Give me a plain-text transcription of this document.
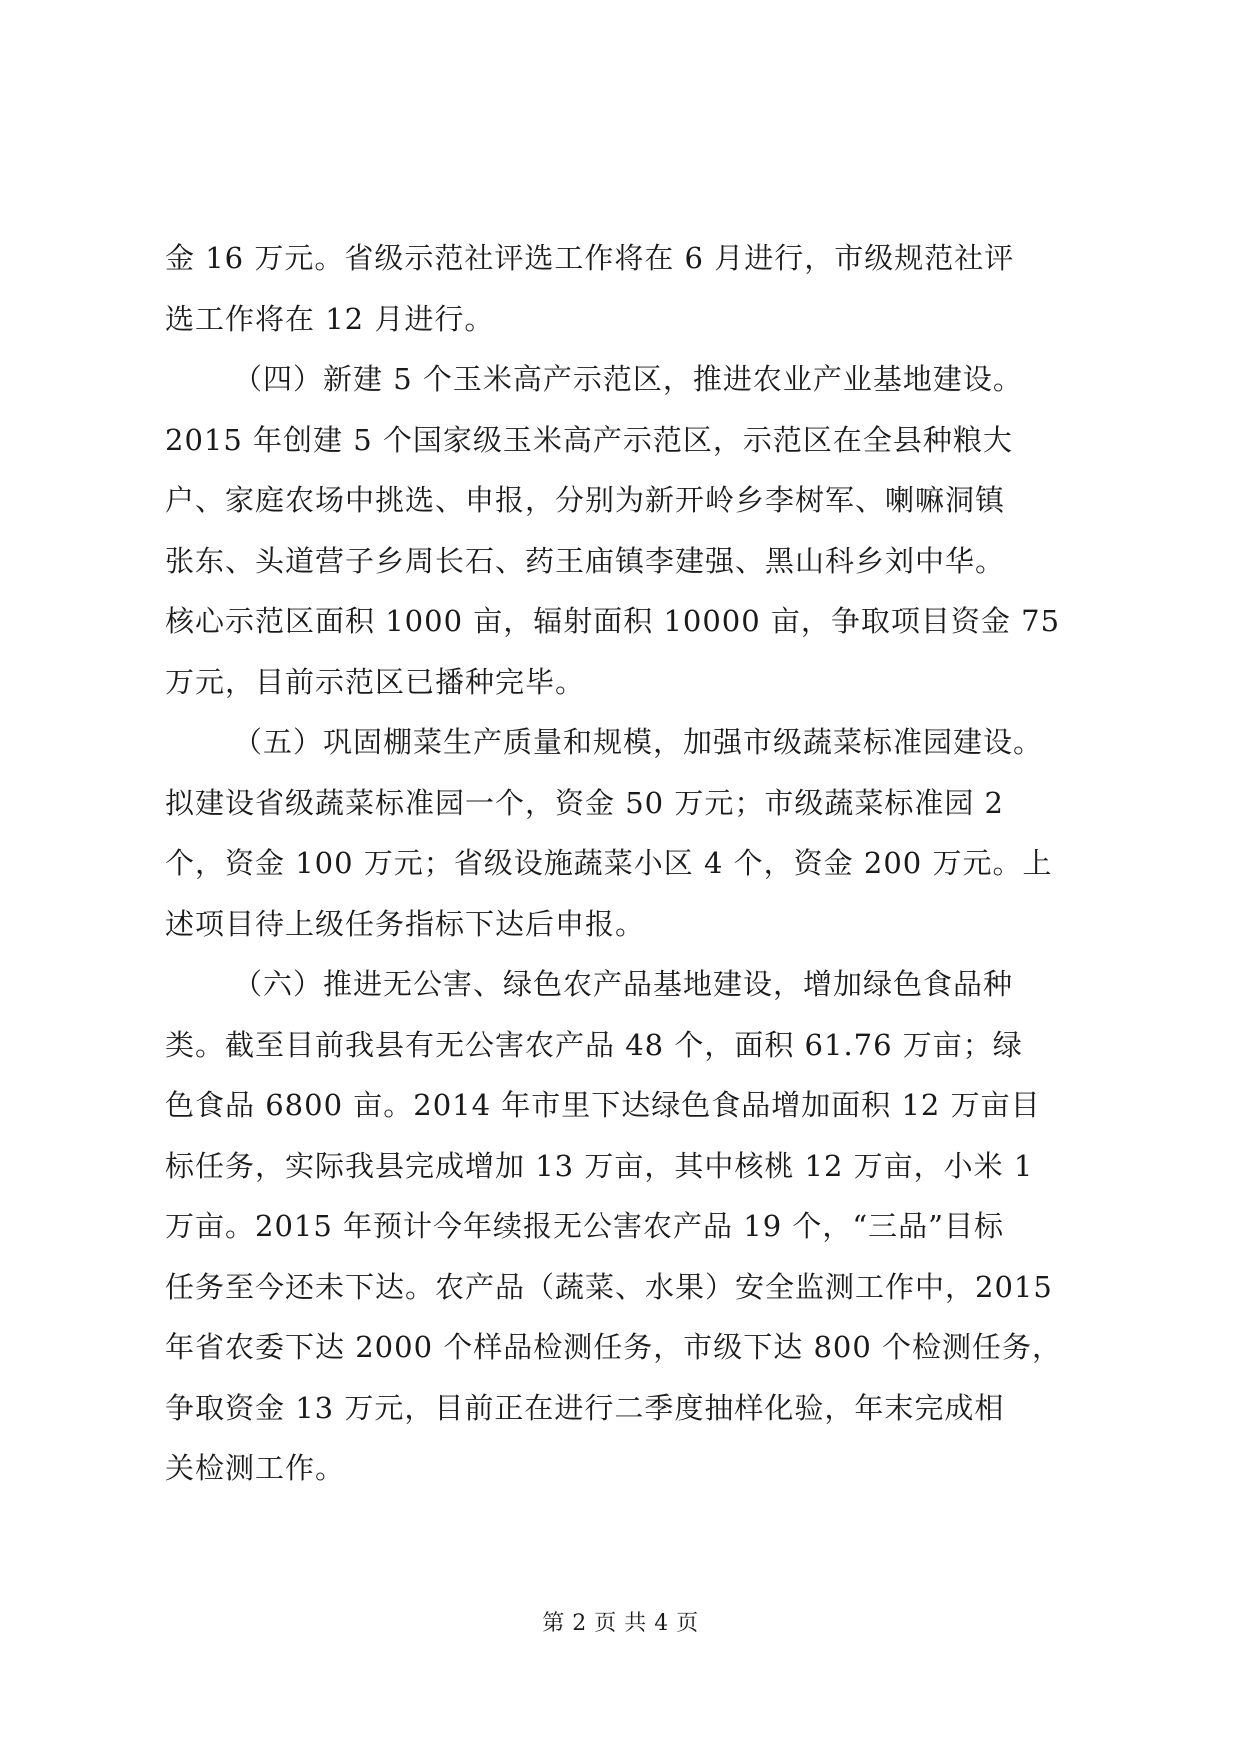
金 16 万元。省级示范社评选工作将在 6 月进行，市级规范社评
选工作将在 12 月进行。
（四）新建 5 个玉米高产示范区，推进农业产业基地建设。
2015 年创建 5 个国家级玉米高产示范区，示范区在全县种粮大
户、家庭农场中挑选、申报，分别为新开岭乡李树军、喇嘛洞镇
张东、头道营子乡周长石、药王庙镇李建强、黑山科乡刘中华。
核心示范区面积 1000 亩，辐射面积 10000 亩，争取项目资金 75
万元，目前示范区已播种完毕。
（五）巩固棚菜生产质量和规模，加强市级蔬菜标准园建设。
拟建设省级蔬菜标准园一个，资金 50 万元；市级蔬菜标准园 2
个，资金 100 万元；省级设施蔬菜小区 4 个，资金 200 万元。上
述项目待上级任务指标下达后申报。
（六）推进无公害、绿色农产品基地建设，增加绿色食品种
类。截至目前我县有无公害农产品 48 个，面积 61.76 万亩；绿
色食品 6800 亩。2014 年市里下达绿色食品增加面积 12 万亩目
标任务，实际我县完成增加 13 万亩，其中核桃 12 万亩，小米 1
万亩。2015 年预计今年续报无公害农产品 19 个，“三品”目标
任务至今还未下达。农产品（蔬菜、水果）安全监测工作中，2015
年省农委下达 2000 个样品检测任务，市级下达 800 个检测任务，
争取资金 13 万元，目前正在进行二季度抽样化验，年末完成相
关检测工作。
第 2 页 共 4 页
